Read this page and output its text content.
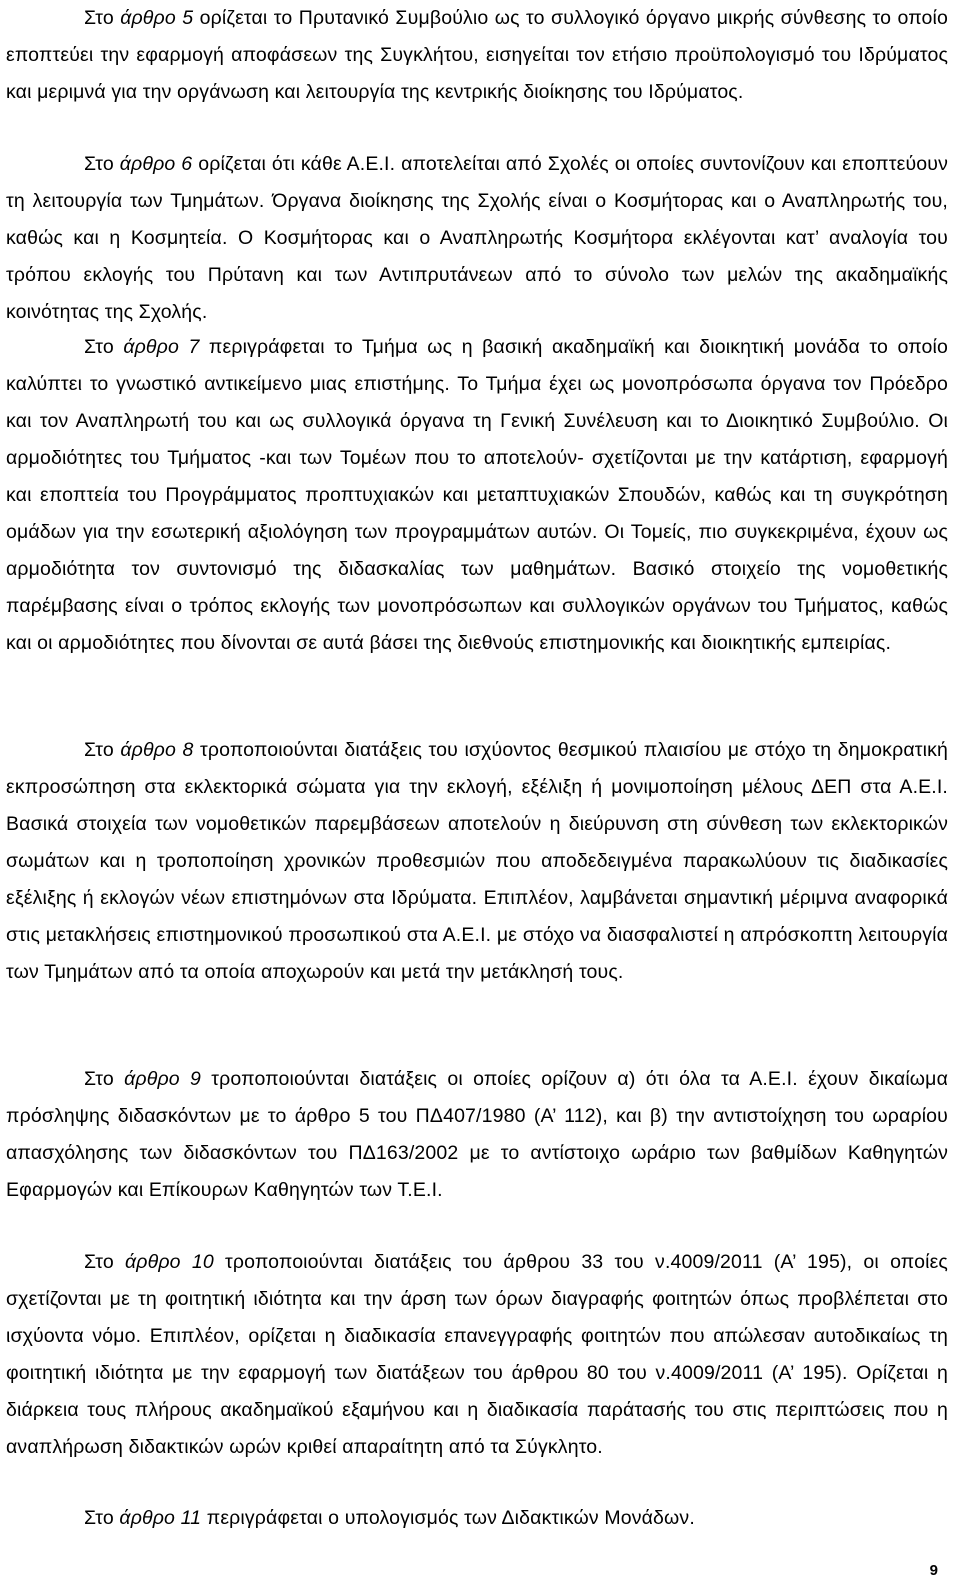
Στο άρθρο 5 ορίζεται το Πρυτανικό Συμβούλιο ως το συλλογικό όργανο μικρής σύνθεσης το οποίο εποπτεύει την εφαρμογή αποφάσεων της Συγκλήτου, εισηγείται τον ετήσιο προϋπολογισμό του Ιδρύματος και μεριμνά για την οργάνωση και λειτουργία της κεντρικής διοίκησης του Ιδρύματος.

Στο άρθρο 6 ορίζεται ότι κάθε Α.Ε.Ι. αποτελείται από Σχολές οι οποίες συντονίζουν και εποπτεύουν τη λειτουργία των Τμημάτων. Όργανα διοίκησης της Σχολής είναι ο Κοσμήτορας και ο Αναπληρωτής του, καθώς και η Κοσμητεία. Ο Κοσμήτορας και ο Αναπληρωτής Κοσμήτορα εκλέγονται κατ’ αναλογία του τρόπου εκλογής του Πρύτανη και των Αντιπρυτάνεων από το σύνολο των μελών της ακαδημαϊκής κοινότητας της Σχολής.

Στο άρθρο 7 περιγράφεται το Τμήμα ως η βασική ακαδημαϊκή και διοικητική μονάδα το οποίο καλύπτει το γνωστικό αντικείμενο μιας επιστήμης. Το Τμήμα έχει ως μονοπρόσωπα όργανα τον Πρόεδρο και τον Αναπληρωτή του και ως συλλογικά όργανα τη Γενική Συνέλευση και το Διοικητικό Συμβούλιο. Οι αρμοδιότητες του Τμήματος -και των Τομέων που το αποτελούν- σχετίζονται με την κατάρτιση, εφαρμογή και εποπτεία του Προγράμματος προπτυχιακών και μεταπτυχιακών Σπουδών, καθώς και τη συγκρότηση ομάδων για την εσωτερική αξιολόγηση των προγραμμάτων αυτών. Οι Τομείς, πιο συγκεκριμένα, έχουν ως αρμοδιότητα τον συντονισμό της διδασκαλίας των μαθημάτων. Βασικό στοιχείο της νομοθετικής παρέμβασης είναι ο τρόπος εκλογής των μονοπρόσωπων και συλλογικών οργάνων του Τμήματος, καθώς και οι αρμοδιότητες που δίνονται σε αυτά βάσει της διεθνούς επιστημονικής και διοικητικής εμπειρίας.

Στο άρθρο 8 τροποποιούνται διατάξεις του ισχύοντος θεσμικού πλαισίου με στόχο τη δημοκρατική εκπροσώπηση στα εκλεκτορικά σώματα για την εκλογή, εξέλιξη ή μονιμοποίηση μέλους ΔΕΠ στα Α.Ε.Ι. Βασικά στοιχεία των νομοθετικών παρεμβάσεων αποτελούν η διεύρυνση στη σύνθεση των εκλεκτορικών σωμάτων και η τροποποίηση χρονικών προθεσμιών που αποδεδειγμένα παρακωλύουν τις διαδικασίες εξέλιξης ή εκλογών νέων επιστημόνων στα Ιδρύματα. Επιπλέον, λαμβάνεται σημαντική μέριμνα αναφορικά στις μετακλήσεις επιστημονικού προσωπικού στα Α.Ε.Ι. με στόχο να διασφαλιστεί η απρόσκοπτη λειτουργία των Τμημάτων από τα οποία αποχωρούν και μετά την μετάκλησή τους.

Στο άρθρο 9 τροποποιούνται διατάξεις οι οποίες ορίζουν α) ότι όλα τα Α.Ε.Ι. έχουν δικαίωμα πρόσληψης διδασκόντων με το άρθρο 5 του ΠΔ407/1980 (Α’ 112), και β) την αντιστοίχηση του ωραρίου απασχόλησης των διδασκόντων του ΠΔ163/2002 με το αντίστοιχο ωράριο των βαθμίδων Καθηγητών Εφαρμογών και Επίκουρων Καθηγητών των Τ.Ε.Ι.

Στο άρθρο 10 τροποποιούνται διατάξεις του άρθρου 33 του ν.4009/2011 (Α’ 195), οι οποίες σχετίζονται με τη φοιτητική ιδιότητα και την άρση των όρων διαγραφής φοιτητών όπως προβλέπεται στο ισχύοντα νόμο. Επιπλέον, ορίζεται η διαδικασία επανεγγραφής φοιτητών που απώλεσαν αυτοδικαίως τη φοιτητική ιδιότητα με την εφαρμογή των διατάξεων του άρθρου 80 του ν.4009/2011 (Α’ 195). Ορίζεται η διάρκεια τους πλήρους ακαδημαϊκού εξαμήνου και η διαδικασία παράτασής του στις περιπτώσεις που η αναπλήρωση διδακτικών ωρών κριθεί απαραίτητη από τα Σύγκλητο.

Στο άρθρο 11 περιγράφεται ο υπολογισμός των Διδακτικών Μονάδων.

9
